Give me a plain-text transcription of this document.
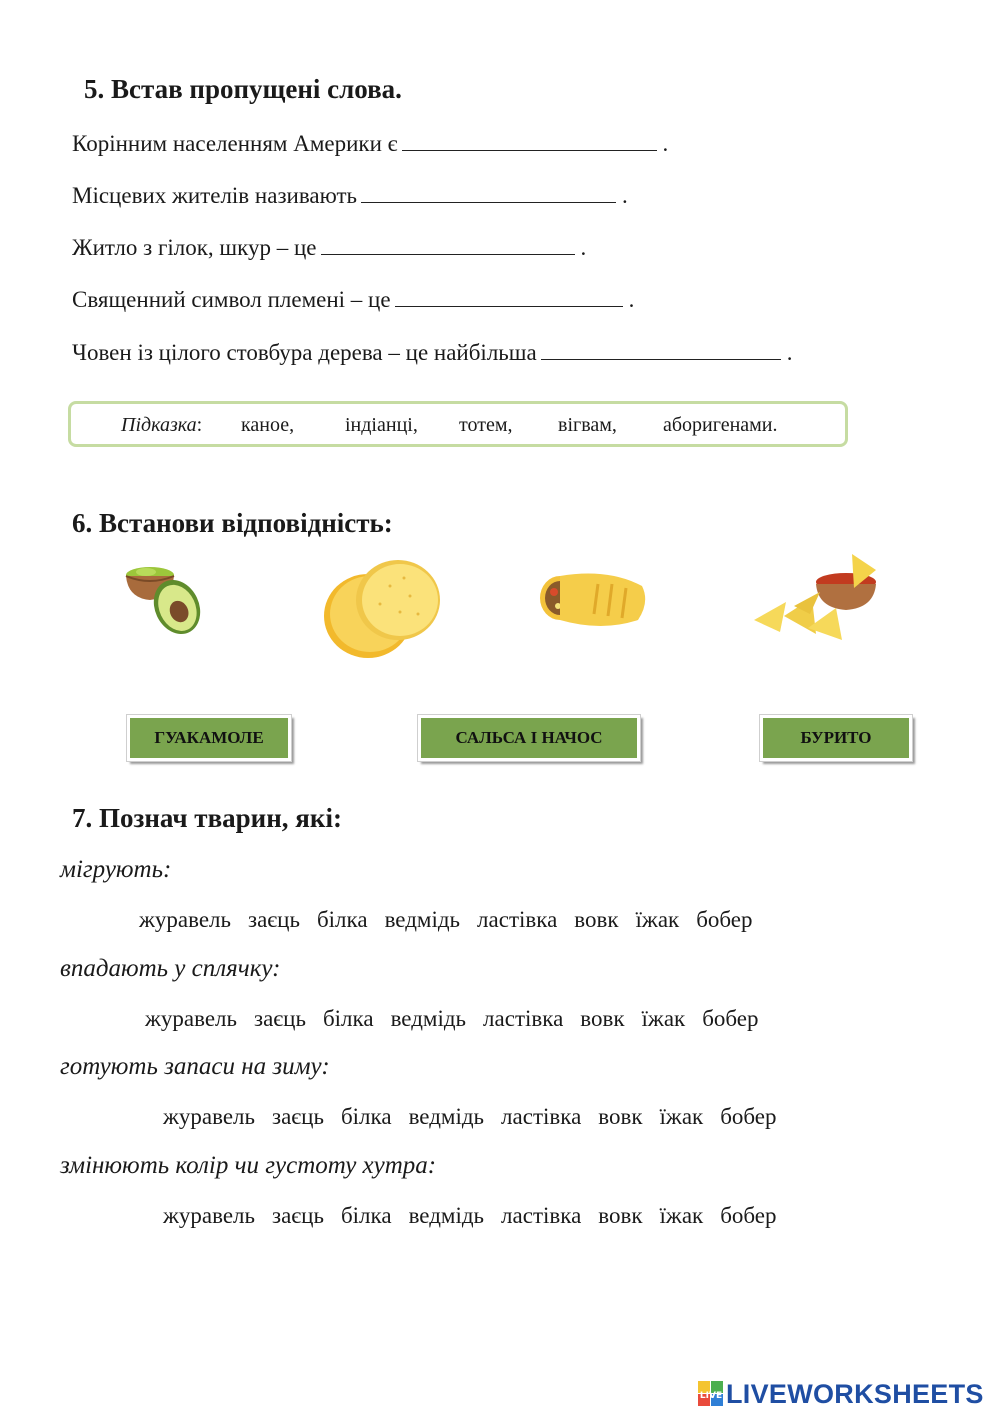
5. Встав пропущені слова.
Корінним населенням Америки є	.
Місцевих жителів називають	.
Житло з гілок, шкур – це	.
Священний символ племені – це	.
Човен із цілого стовбура дерева – це найбільша	.
Підказка: каное,	індіанці, тотем, вігвам, аборигенами.
6. Встанови відповідність:
ГУАКАМОЛЕ	САЛЬСА І НАЧОС	БУРИТО
7. Познач тварин, які:
мігрують:
журавель заєць білка ведмідь ластівка вовк їжак бобер
впадають у сплячку:
журавель заєць білка ведмідь ластівка вовк їжак бобер
готують запаси на зиму:
журавель заєць білка ведмідь ластівка вовк їжак бобер
змінюють колір чи густоту хутра:
журавель заєць білка ведмідь ластівка вовк їжак бобер
LIVE LIVEWORKSHEETS
